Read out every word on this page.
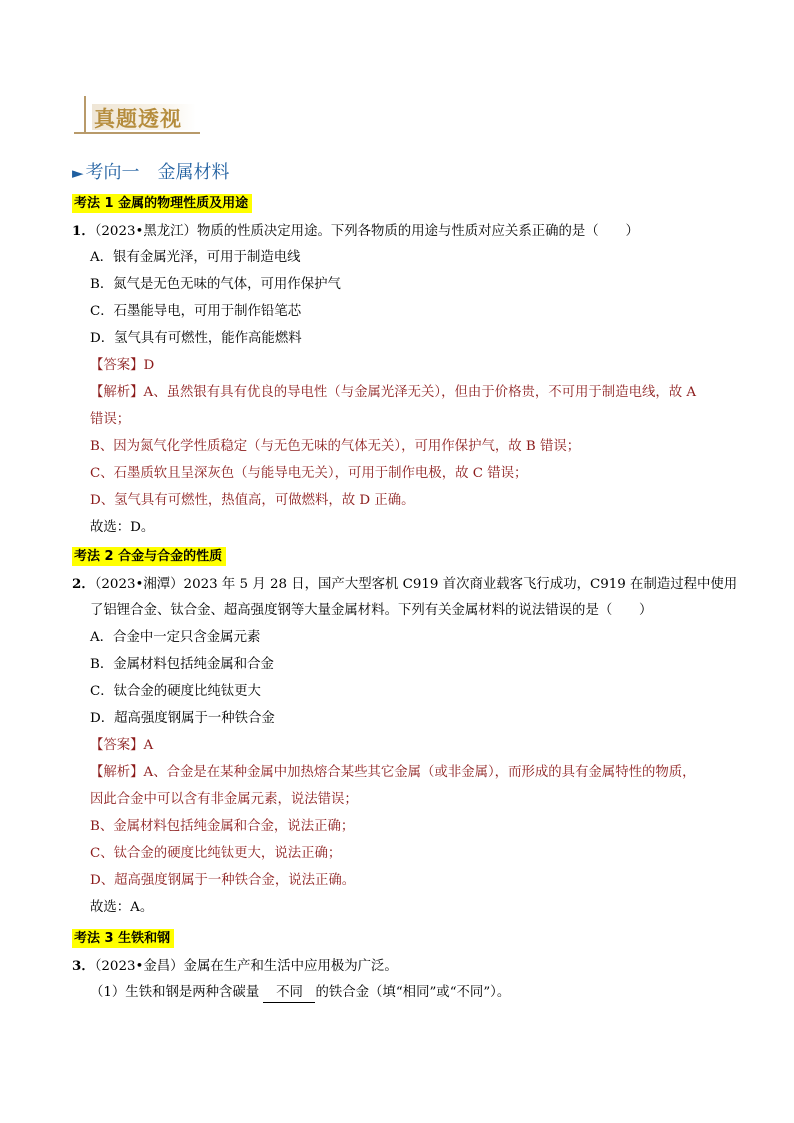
真题透视
► 考向一　金属材料
考法 1 金属的物理性质及用途
1．（2023•黑龙江）物质的性质决定用途。下列各物质的用途与性质对应关系正确的是（　　）
A．银有金属光泽，可用于制造电线
B．氮气是无色无味的气体，可用作保护气
C．石墨能导电，可用于制作铅笔芯
D．氢气具有可燃性，能作高能燃料
【答案】D
【解析】A、虽然银有具有优良的导电性（与金属光泽无关），但由于价格贵，不可用于制造电线，故 A
错误；
B、因为氮气化学性质稳定（与无色无味的气体无关），可用作保护气，故 B 错误；
C、石墨质软且呈深灰色（与能导电无关），可用于制作电极，故 C 错误；
D、氢气具有可燃性，热值高，可做燃料，故 D 正确。
故选：D。
考法 2 合金与合金的性质
2．（2023•湘潭）2023 年 5 月 28 日，国产大型客机 C919 首次商业载客飞行成功，C919 在制造过程中使用
了铝锂合金、钛合金、超高强度钢等大量金属材料。下列有关金属材料的说法错误的是（　　）
A．合金中一定只含金属元素
B．金属材料包括纯金属和合金
C．钛合金的硬度比纯钛更大
D．超高强度钢属于一种铁合金
【答案】A
【解析】A、合金是在某种金属中加热熔合某些其它金属（或非金属），而形成的具有金属特性的物质，
因此合金中可以含有非金属元素，说法错误；
B、金属材料包括纯金属和合金，说法正确；
C、钛合金的硬度比纯钛更大，说法正确；
D、超高强度钢属于一种铁合金，说法正确。
故选：A。
考法 3 生铁和钢
3．（2023•金昌）金属在生产和生活中应用极为广泛。
（1）生铁和钢是两种含碳量 不同 的铁合金（填“相同”或“不同”）。
